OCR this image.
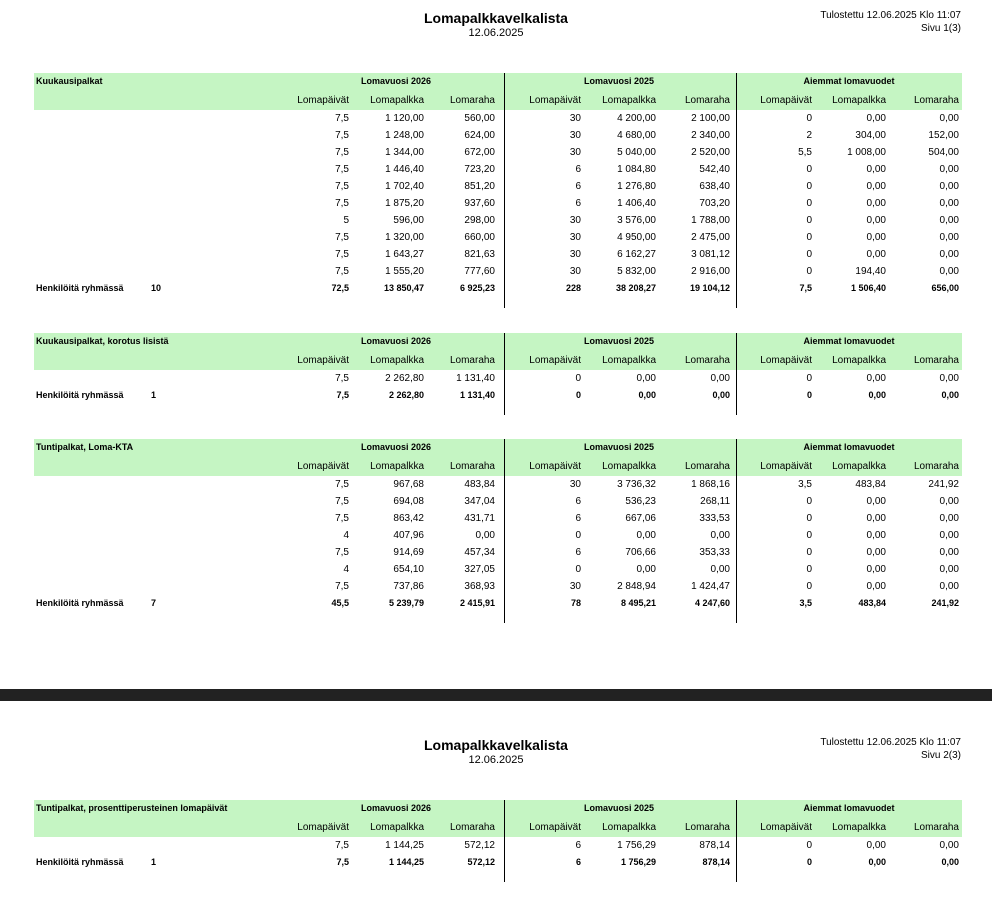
Lomapalkkavelkalista
12.06.2025
Tulostettu 12.06.2025 Klo 11:07
Sivu 1(3)
Kuukausipalkat	Lomavuosi 2026	Lomavuosi 2025	Aiemmat lomavuodet
Lomapäivät Lomapalkka	Lomaraha	Lomapäivät Lomapalkka	Lomaraha	Lomapäivät Lomapalkka	Lomaraha
7,5	1 120,00	560,00	30	4 200,00	2 100,00	0	0,00	0,00
7,5	1 248,00	624,00	30	4 680,00	2 340,00	2	304,00	152,00
7,5	1 344,00	672,00	30	5 040,00	2 520,00	5,5	1 008,00	504,00
7,5	1 446,40	723,20	6	1 084,80	542,40	0	0,00	0,00
7,5	1 702,40	851,20	6	1 276,80	638,40	0	0,00	0,00
7,5	1 875,20	937,60	6	1 406,40	703,20	0	0,00	0,00
5	596,00	298,00	30	3 576,00	1 788,00	0	0,00	0,00
7,5	1 320,00	660,00	30	4 950,00	2 475,00	0	0,00	0,00
7,5	1 643,27	821,63	30	6 162,27	3 081,12	0	0,00	0,00
7,5	1 555,20	777,60	30	5 832,00	2 916,00	0	194,40	0,00
Henkilöitä ryhmässä	10	72,5	13 850,47	6 925,23	228	38 208,27	19 104,12	7,5	1 506,40	656,00
Kuukausipalkat, korotus lisistä	Lomavuosi 2026	Lomavuosi 2025	Aiemmat lomavuodet
Lomapäivät Lomapalkka	Lomaraha	Lomapäivät Lomapalkka	Lomaraha	Lomapäivät Lomapalkka	Lomaraha
7,5	2 262,80	1 131,40	0	0,00	0,00	0	0,00	0,00
Henkilöitä ryhmässä	1	7,5	2 262,80	1 131,40	0	0,00	0,00	0	0,00	0,00
Tuntipalkat, Loma-KTA	Lomavuosi 2026	Lomavuosi 2025	Aiemmat lomavuodet
Lomapäivät Lomapalkka	Lomaraha	Lomapäivät Lomapalkka	Lomaraha	Lomapäivät Lomapalkka	Lomaraha
7,5	967,68	483,84	30	3 736,32	1 868,16	3,5	483,84	241,92
7,5	694,08	347,04	6	536,23	268,11	0	0,00	0,00
7,5	863,42	431,71	6	667,06	333,53	0	0,00	0,00
4	407,96	0,00	0	0,00	0,00	0	0,00	0,00
7,5	914,69	457,34	6	706,66	353,33	0	0,00	0,00
4	654,10	327,05	0	0,00	0,00	0	0,00	0,00
7,5	737,86	368,93	30	2 848,94	1 424,47	0	0,00	0,00
Henkilöitä ryhmässä	7	45,5	5 239,79	2 415,91	78	8 495,21	4 247,60	3,5	483,84	241,92
Lomapalkkavelkalista
12.06.2025
Tulostettu 12.06.2025 Klo 11:07
Sivu 2(3)
Tuntipalkat, prosenttiperusteinen lomapäivät	Lomavuosi 2026	Lomavuosi 2025	Aiemmat lomavuodet
Lomapäivät Lomapalkka	Lomaraha	Lomapäivät Lomapalkka	Lomaraha	Lomapäivät Lomapalkka	Lomaraha
7,5	1 144,25	572,12	6	1 756,29	878,14	0	0,00	0,00
Henkilöitä ryhmässä	1	7,5	1 144,25	572,12	6	1 756,29	878,14	0	0,00	0,00
